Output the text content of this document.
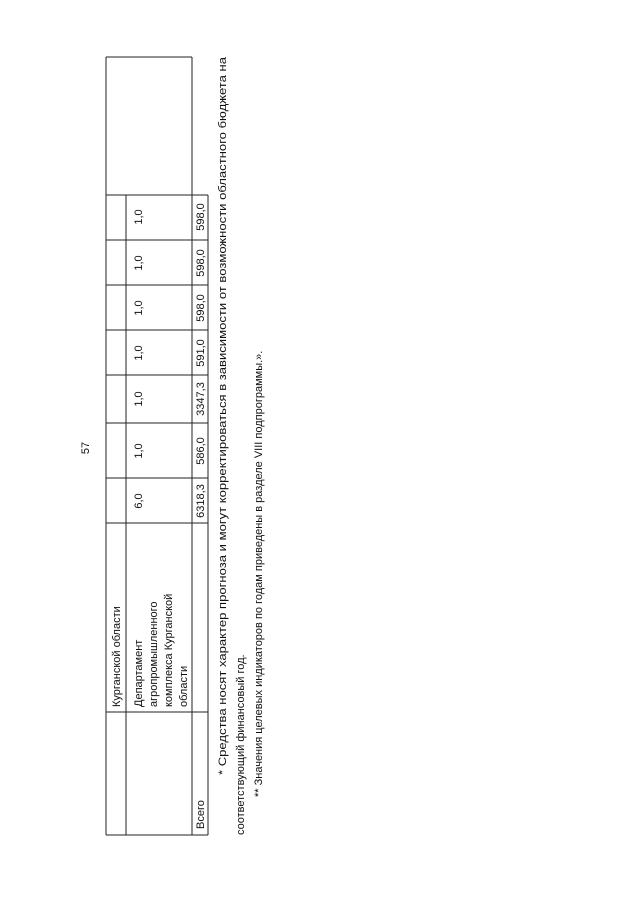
57
Курганской области Департамент агропромышленного комплекса Курганской области
6,0
1,0
1,0
1,0
1,0
1,0
1,0
Всего
6318,3
586,0
3347,3
591,0
598,0
598,0
598,0 * Средства носят характер прогноза и могут корректироваться в зависимости от возможности областного бюджета на соответствующий финансовый год. ** Значения целевых индикаторов по годам приведены в разделе VIII подпрограммы.».
